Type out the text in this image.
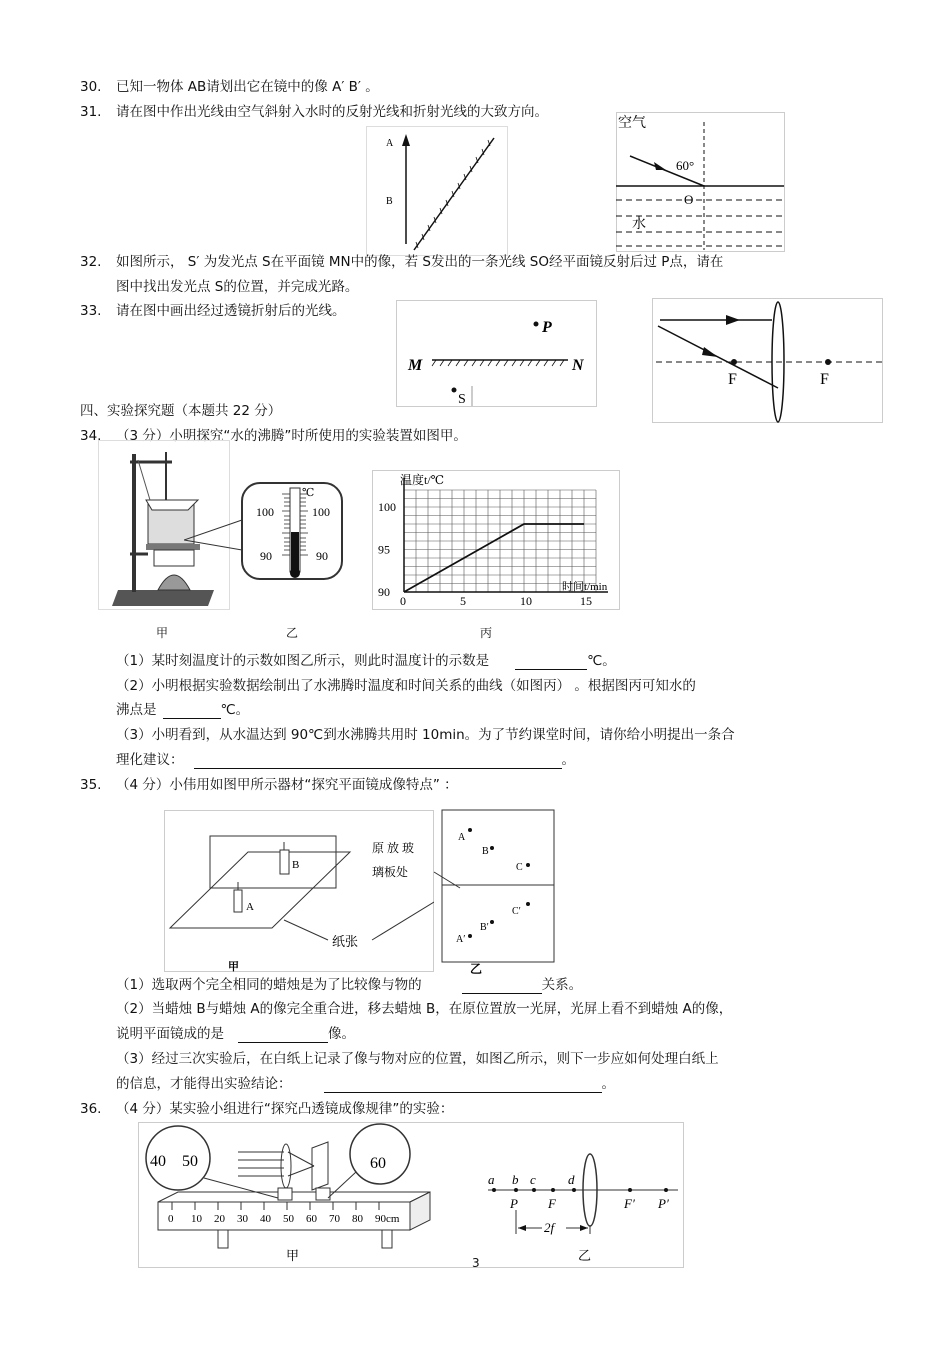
30. 已知一物体 AB请划出它在镜中的像 A′ B′ 。
31. 请在图中作出光线由空气斜射入水时的反射光线和折射光线的大致方向。
A
B
空气
60°
O
水
32. 如图所示， S′ 为发光点 S在平面镜 MN中的像，若 S发出的一条光线 SO经平面镜反射后过 P点，请在
图中找出发光点 S的位置，并完成光路。
33. 请在图中画出经过透镜折射后的光线。
P
M	N
S
F	F
四、实验探究题（本题共 22 分）
34. （3 分）小明探究“水的沸腾”时所使用的实验装置如图甲。
℃
100	100
90	90
0	5	10	15
90
95
100
温度t/℃
时间t/min
甲	乙	丙
（1）某时刻温度计的示数如图乙所示，则此时温度计的示数是	℃。
（2）小明根据实验数据绘制出了水沸腾时温度和时间关系的曲线（如图丙） 。根据图丙可知水的
沸点是	℃。
（3）小明看到，从水温达到 90℃到水沸腾共用时 10min。为了节约课堂时间，请你给小明提出一条合
理化建议：	。
35. （4 分）小伟用如图甲所示器材“探究平面镜成像特点” ：
B
A
纸张
甲
原 放 玻
璃板处
A
B
C
A′
B′
C′
乙
（1）选取两个完全相同的蜡烛是为了比较像与物的	关系。
（2）当蜡烛 B与蜡烛 A的像完全重合进，移去蜡烛 B，在原位置放一光屏，光屏上看不到蜡烛 A的像，
说明平面镜成的是	像。
（3）经过三次实验后，在白纸上记录了像与物对应的位置，如图乙所示，则下一步应如何处理白纸上
的信息，才能得出实验结论：	。
36. （4 分）某实验小组进行“探究凸透镜成像规律”的实验：
0 10 20 30 40 50 60 70 80 90cm
40 50	60
甲
a b c d
P F	F′ P′
2f
乙
3
